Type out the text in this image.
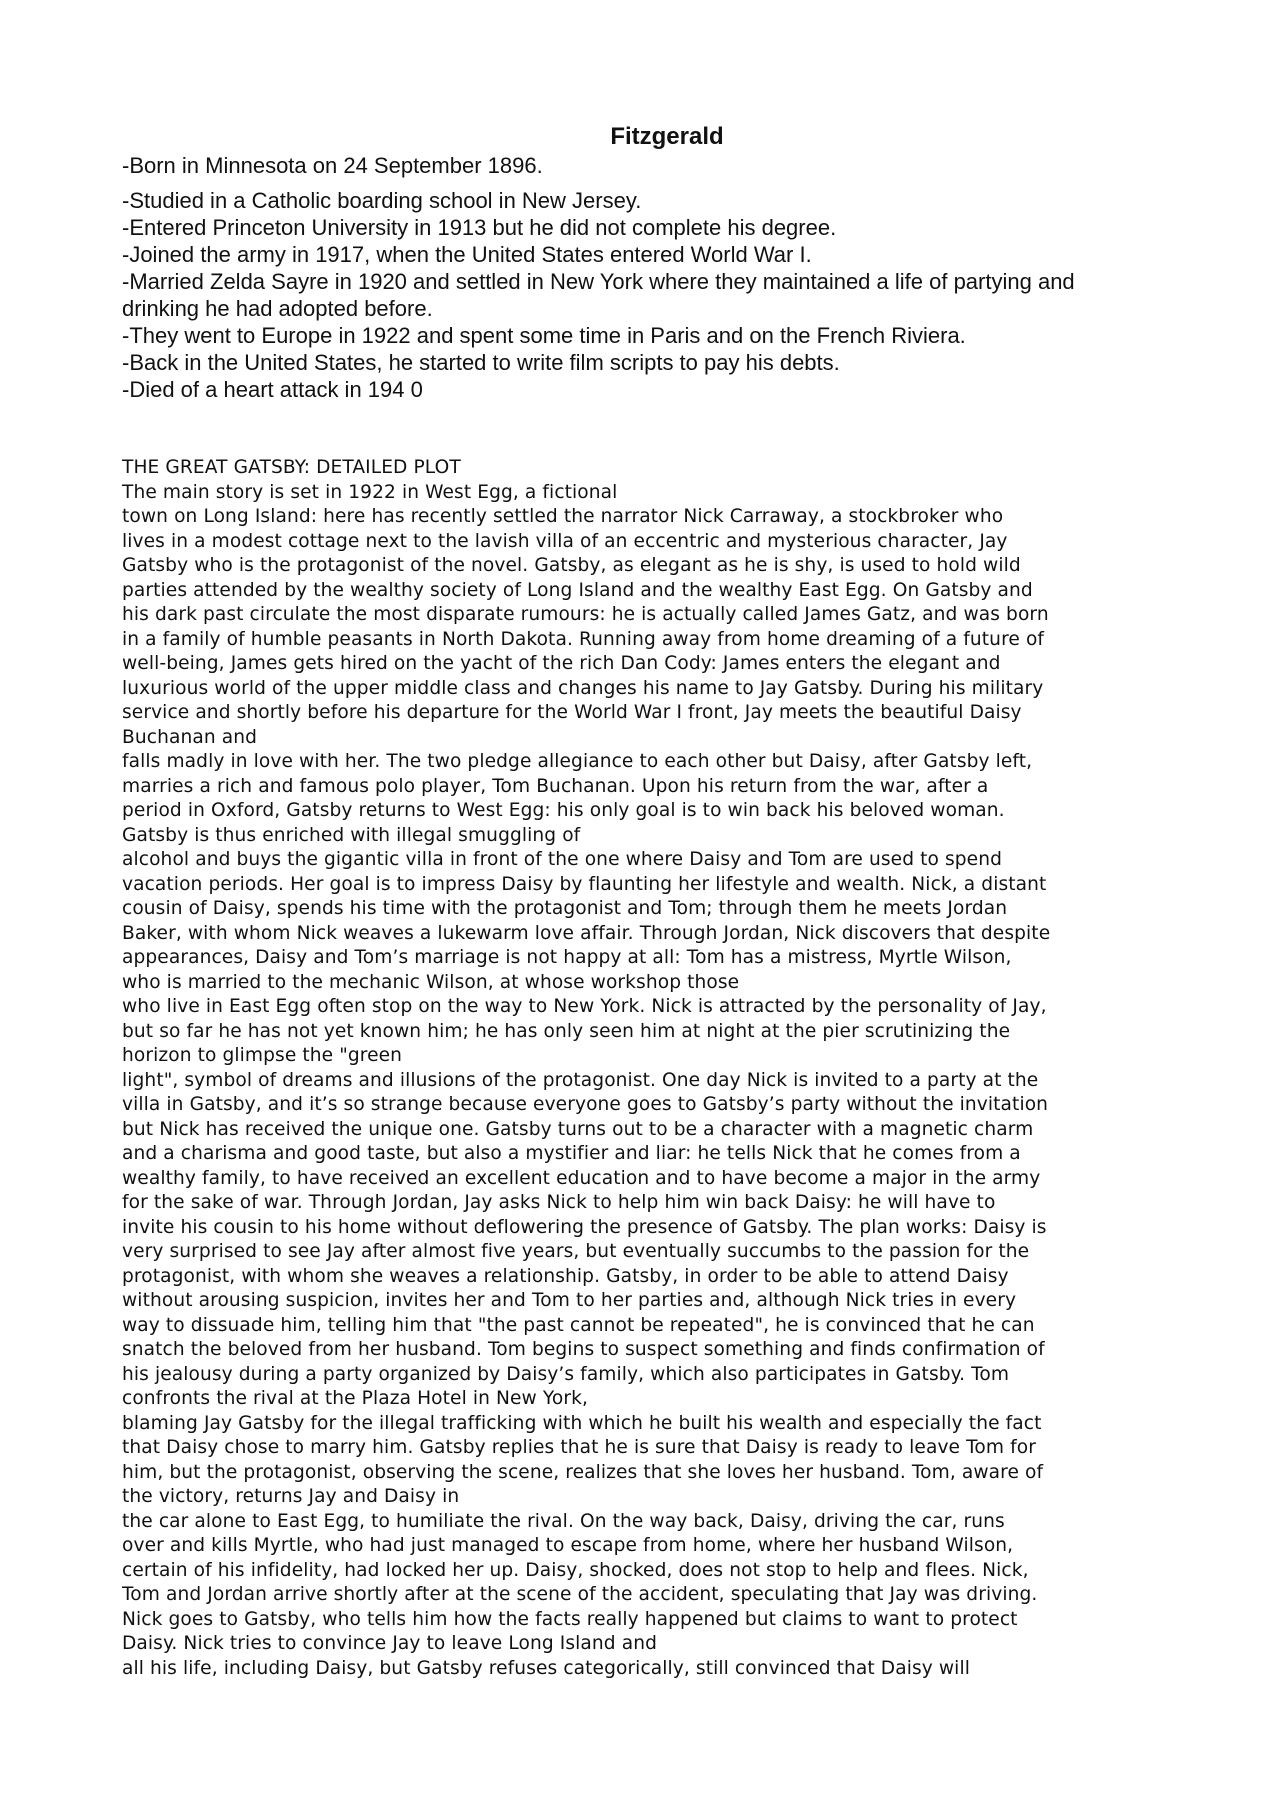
Fitzgerald

-Born in Minnesota on 24 September 1896.

-Studied in a Catholic boarding school in New Jersey.

-Entered Princeton University in 1913 but he did not complete his degree.

-Joined the army in 1917, when the United States entered World War I.

-Married Zelda Sayre in 1920 and settled in New York where they maintained a life of partying and

drinking he had adopted before.

-They went to Europe in 1922 and spent some time in Paris and on the French Riviera.

-Back in the United States, he started to write film scripts to pay his debts.

-Died of a heart attack in 194 0

THE GREAT GATSBY: DETAILED PLOT

The main story is set in 1922 in West Egg, a fictional

town on Long Island: here has recently settled the narrator Nick Carraway, a stockbroker who

lives in a modest cottage next to the lavish villa of an eccentric and mysterious character, Jay

Gatsby who is the protagonist of the novel. Gatsby, as elegant as he is shy, is used to hold wild

parties attended by the wealthy society of Long Island and the wealthy East Egg. On Gatsby and

his dark past circulate the most disparate rumours: he is actually called James Gatz, and was born

in a family of humble peasants in North Dakota. Running away from home dreaming of a future of

well-being, James gets hired on the yacht of the rich Dan Cody: James enters the elegant and

luxurious world of the upper middle class and changes his name to Jay Gatsby. During his military

service and shortly before his departure for the World War I front, Jay meets the beautiful Daisy

Buchanan and

falls madly in love with her. The two pledge allegiance to each other but Daisy, after Gatsby left,

marries a rich and famous polo player, Tom Buchanan. Upon his return from the war, after a

period in Oxford, Gatsby returns to West Egg: his only goal is to win back his beloved woman.

Gatsby is thus enriched with illegal smuggling of

alcohol and buys the gigantic villa in front of the one where Daisy and Tom are used to spend

vacation periods. Her goal is to impress Daisy by flaunting her lifestyle and wealth. Nick, a distant

cousin of Daisy, spends his time with the protagonist and Tom; through them he meets Jordan

Baker, with whom Nick weaves a lukewarm love affair. Through Jordan, Nick discovers that despite

appearances, Daisy and Tom’s marriage is not happy at all: Tom has a mistress, Myrtle Wilson,

who is married to the mechanic Wilson, at whose workshop those

who live in East Egg often stop on the way to New York. Nick is attracted by the personality of Jay,

but so far he has not yet known him; he has only seen him at night at the pier scrutinizing the

horizon to glimpse the "green

light", symbol of dreams and illusions of the protagonist. One day Nick is invited to a party at the

villa in Gatsby, and it’s so strange because everyone goes to Gatsby’s party without the invitation

but Nick has received the unique one. Gatsby turns out to be a character with a magnetic charm

and a charisma and good taste, but also a mystifier and liar: he tells Nick that he comes from a

wealthy family, to have received an excellent education and to have become a major in the army

for the sake of war. Through Jordan, Jay asks Nick to help him win back Daisy: he will have to

invite his cousin to his home without deflowering the presence of Gatsby. The plan works: Daisy is

very surprised to see Jay after almost five years, but eventually succumbs to the passion for the

protagonist, with whom she weaves a relationship. Gatsby, in order to be able to attend Daisy

without arousing suspicion, invites her and Tom to her parties and, although Nick tries in every

way to dissuade him, telling him that "the past cannot be repeated", he is convinced that he can

snatch the beloved from her husband. Tom begins to suspect something and finds confirmation of

his jealousy during a party organized by Daisy’s family, which also participates in Gatsby. Tom

confronts the rival at the Plaza Hotel in New York,

blaming Jay Gatsby for the illegal trafficking with which he built his wealth and especially the fact

that Daisy chose to marry him. Gatsby replies that he is sure that Daisy is ready to leave Tom for

him, but the protagonist, observing the scene, realizes that she loves her husband. Tom, aware of

the victory, returns Jay and Daisy in

the car alone to East Egg, to humiliate the rival. On the way back, Daisy, driving the car, runs

over and kills Myrtle, who had just managed to escape from home, where her husband Wilson,

certain of his infidelity, had locked her up. Daisy, shocked, does not stop to help and flees. Nick,

Tom and Jordan arrive shortly after at the scene of the accident, speculating that Jay was driving.

Nick goes to Gatsby, who tells him how the facts really happened but claims to want to protect

Daisy. Nick tries to convince Jay to leave Long Island and

all his life, including Daisy, but Gatsby refuses categorically, still convinced that Daisy will
